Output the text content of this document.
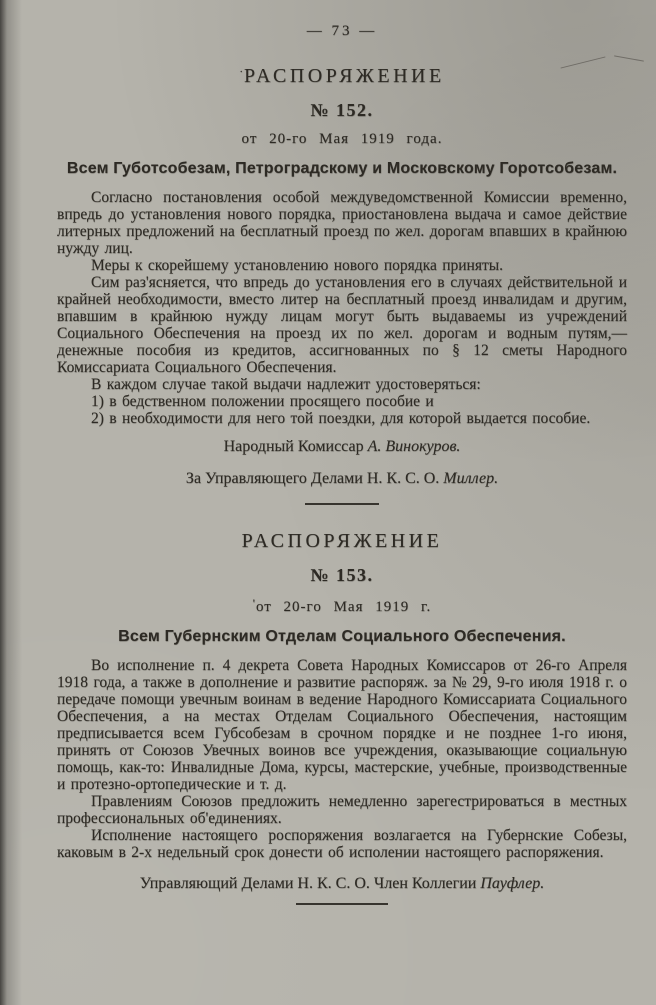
— 73 —
·РАСПОРЯЖЕНИЕ
№ 152.
от 20-го Мая 1919 года.
Всем Губотсобезам, Петроградскому и Московскому Горотсобезам.

Согласно постановления особой междуведомственной Комиссии временно, впредь до установления нового порядка, приостановлена выдача и самое действие литерных предложений на бесплатный проезд по жел. дорогам впавших в крайнюю нужду лиц.

Меры к скорейшему установлению нового порядка приняты.

Сим раз'ясняется, что впредь до установления его в случаях действительной и крайней необходимости, вместо литер на бесплатный проезд инвалидам и другим, впавшим в крайнюю нужду лицам могут быть выдаваемы из учреждений Социального Обеспечения на проезд их по жел. дорогам и водным путям,— денежные пособия из кредитов, ассигнованных по § 12 сметы Народного Комиссариата Социального Обеспечения.

В каждом случае такой выдачи надлежит удостоверяться:

1) в бедственном положении просящего пособие и

2) в необходимости для него той поездки, для которой выдается пособие.

Народный Комиссар А. Винокуров.
За Управляющего Делами Н. К. С. О. Миллер.
РАСПОРЯЖЕНИЕ
№ 153.
'от 20-го Мая 1919 г.
Всем Губернским Отделам Социального Обеспечения.

Во исполнение п. 4 декрета Совета Народных Комиссаров от 26-го Апреля 1918 года, а также в дополнение и развитие распоряж. за № 29, 9-го июля 1918 г. о передаче помощи увечным воинам в ведение Народного Комиссариата Социального Обеспечения, а на местах Отделам Социального Обеспечения, настоящим предписывается всем Губсобезам в срочном порядке и не позднее 1-го июня, принять от Союзов Увечных воинов все учреждения, оказывающие социальную помощь, как-то: Инвалидные Дома, курсы, мастерские, учебные, производственные и протезно-ортопедические и т. д.

Правлениям Союзов предложить немедленно зарегестрироваться в местных профессиональных об'единениях.

Исполнение настоящего роспоряжения возлагается на Губернские Собезы, каковым в 2-х недельный срок донести об исполении настоящего распоряжения.

Управляющий Делами Н. К. С. О. Член Коллегии Пауфлер.
